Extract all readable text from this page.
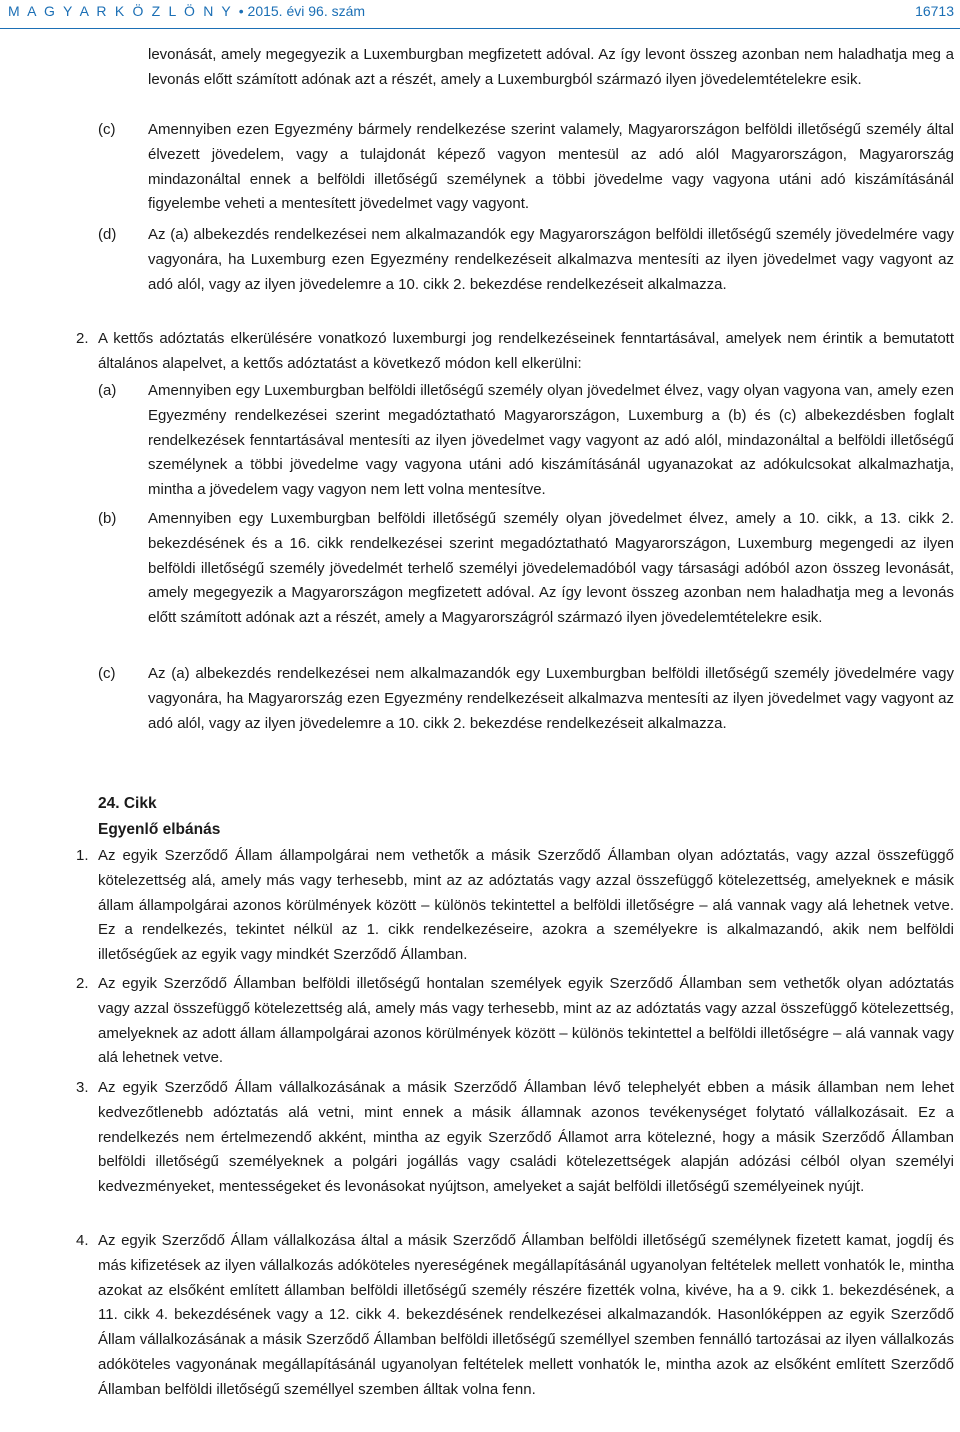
M A G Y A R K Ö Z L Ö N Y • 2015. évi 96. szám	16713
levonását, amely megegyezik a Luxemburgban megfizetett adóval. Az így levont összeg azonban nem haladhatja meg a levonás előtt számított adónak azt a részét, amely a Luxemburgból származó ilyen jövedelemtételekre esik.
(c) Amennyiben ezen Egyezmény bármely rendelkezése szerint valamely, Magyarországon belföldi illetőségű személy által élvezett jövedelem, vagy a tulajdonát képező vagyon mentesül az adó alól Magyarországon, Magyarország mindazonáltal ennek a belföldi illetőségű személynek a többi jövedelme vagy vagyona utáni adó kiszámításánál figyelembe veheti a mentesített jövedelmet vagy vagyont.
(d) Az (a) albekezdés rendelkezései nem alkalmazandók egy Magyarországon belföldi illetőségű személy jövedelmére vagy vagyonára, ha Luxemburg ezen Egyezmény rendelkezéseit alkalmazva mentesíti az ilyen jövedelmet vagy vagyont az adó alól, vagy az ilyen jövedelemre a 10. cikk 2. bekezdése rendelkezéseit alkalmazza.
2. A kettős adóztatás elkerülésére vonatkozó luxemburgi jog rendelkezéseinek fenntartásával, amelyek nem érintik a bemutatott általános alapelvet, a kettős adóztatást a következő módon kell elkerülni:
(a) Amennyiben egy Luxemburgban belföldi illetőségű személy olyan jövedelmet élvez, vagy olyan vagyona van, amely ezen Egyezmény rendelkezései szerint megadóztatható Magyarországon, Luxemburg a (b) és (c) albekezdésben foglalt rendelkezések fenntartásával mentesíti az ilyen jövedelmet vagy vagyont az adó alól, mindazonáltal a belföldi illetőségű személynek a többi jövedelme vagy vagyona utáni adó kiszámításánál ugyanazokat az adókulcsokat alkalmazhatja, mintha a jövedelem vagy vagyon nem lett volna mentesítve.
(b) Amennyiben egy Luxemburgban belföldi illetőségű személy olyan jövedelmet élvez, amely a 10. cikk, a 13. cikk 2. bekezdésének és a 16. cikk rendelkezései szerint megadóztatható Magyarországon, Luxemburg megengedi az ilyen belföldi illetőségű személy jövedelmét terhelő személyi jövedelemadóból vagy társasági adóból azon összeg levonását, amely megegyezik a Magyarországon megfizetett adóval. Az így levont összeg azonban nem haladhatja meg a levonás előtt számított adónak azt a részét, amely a Magyarországról származó ilyen jövedelemtételekre esik.
(c) Az (a) albekezdés rendelkezései nem alkalmazandók egy Luxemburgban belföldi illetőségű személy jövedelmére vagy vagyonára, ha Magyarország ezen Egyezmény rendelkezéseit alkalmazva mentesíti az ilyen jövedelmet vagy vagyont az adó alól, vagy az ilyen jövedelemre a 10. cikk 2. bekezdése rendelkezéseit alkalmazza.
24. Cikk
Egyenlő elbánás
1. Az egyik Szerződő Állam állampolgárai nem vethetők a másik Szerződő Államban olyan adóztatás, vagy azzal összefüggő kötelezettség alá, amely más vagy terhesebb, mint az az adóztatás vagy azzal összefüggő kötelezettség, amelyeknek e másik állam állampolgárai azonos körülmények között – különös tekintettel a belföldi illetőségre – alá vannak vagy alá lehetnek vetve. Ez a rendelkezés, tekintet nélkül az 1. cikk rendelkezéseire, azokra a személyekre is alkalmazandó, akik nem belföldi illetőségűek az egyik vagy mindkét Szerződő Államban.
2. Az egyik Szerződő Államban belföldi illetőségű hontalan személyek egyik Szerződő Államban sem vethetők olyan adóztatás vagy azzal összefüggő kötelezettség alá, amely más vagy terhesebb, mint az az adóztatás vagy azzal összefüggő kötelezettség, amelyeknek az adott állam állampolgárai azonos körülmények között – különös tekintettel a belföldi illetőségre – alá vannak vagy alá lehetnek vetve.
3. Az egyik Szerződő Állam vállalkozásának a másik Szerződő Államban lévő telephelyét ebben a másik államban nem lehet kedvezőtlenebb adóztatás alá vetni, mint ennek a másik államnak azonos tevékenységet folytató vállalkozásait. Ez a rendelkezés nem értelmezendő akként, mintha az egyik Szerződő Államot arra kötelezné, hogy a másik Szerződő Államban belföldi illetőségű személyeknek a polgári jogállás vagy családi kötelezettségek alapján adózási célból olyan személyi kedvezményeket, mentességeket és levonásokat nyújtson, amelyeket a saját belföldi illetőségű személyeinek nyújt.
4. Az egyik Szerződő Állam vállalkozása által a másik Szerződő Államban belföldi illetőségű személynek fizetett kamat, jogdíj és más kifizetések az ilyen vállalkozás adóköteles nyereségének megállapításánál ugyanolyan feltételek mellett vonhatók le, mintha azokat az elsőként említett államban belföldi illetőségű személy részére fizették volna, kivéve, ha a 9. cikk 1. bekezdésének, a 11. cikk 4. bekezdésének vagy a 12. cikk 4. bekezdésének rendelkezései alkalmazandók. Hasonlóképpen az egyik Szerződő Állam vállalkozásának a másik Szerződő Államban belföldi illetőségű személlyel szemben fennálló tartozásai az ilyen vállalkozás adóköteles vagyonának megállapításánál ugyanolyan feltételek mellett vonhatók le, mintha azok az elsőként említett Szerződő Államban belföldi illetőségű személlyel szemben álltak volna fenn.
